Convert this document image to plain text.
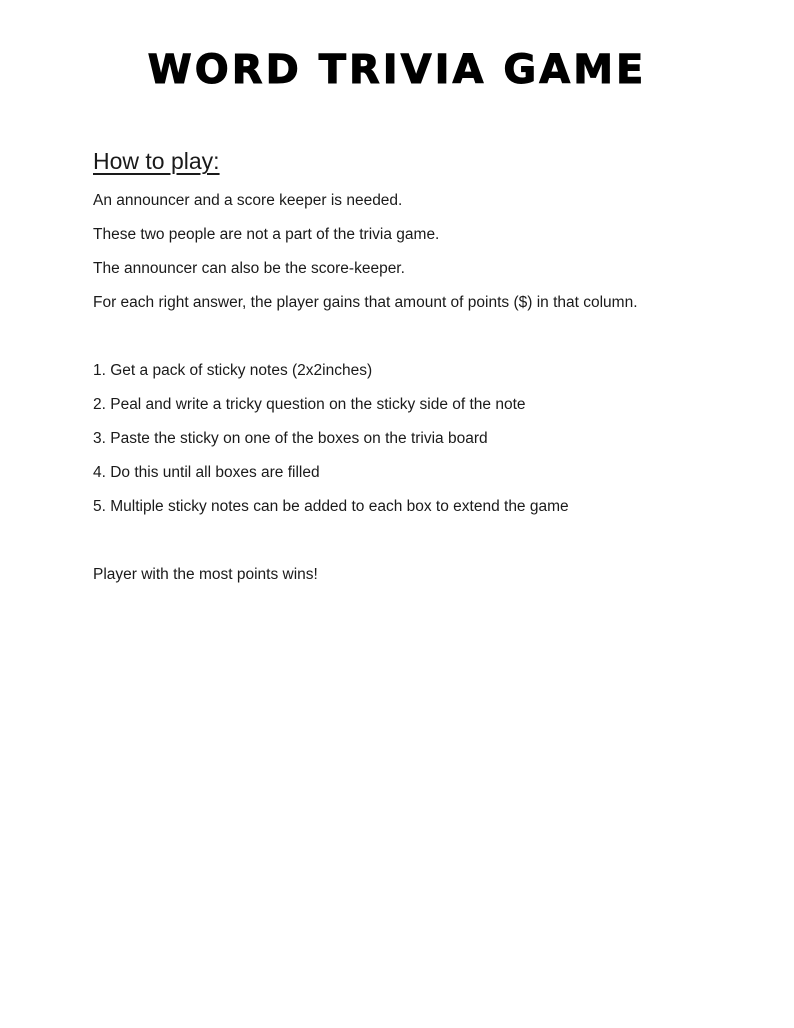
WORD TRIVIA GAME
How to play:

An announcer and a score keeper is needed.

These two people are not a part of the trivia game.

The announcer can also be the score-keeper.

For each right answer, the player gains that amount of points ($) in that column.

1. Get a pack of sticky notes (2x2inches)

2. Peal and write a tricky question on the sticky side of the note

3. Paste the sticky on one of the boxes on the trivia board

4. Do this until all boxes are filled

5. Multiple sticky notes can be added to each box to extend the game

Player with the most points wins!
